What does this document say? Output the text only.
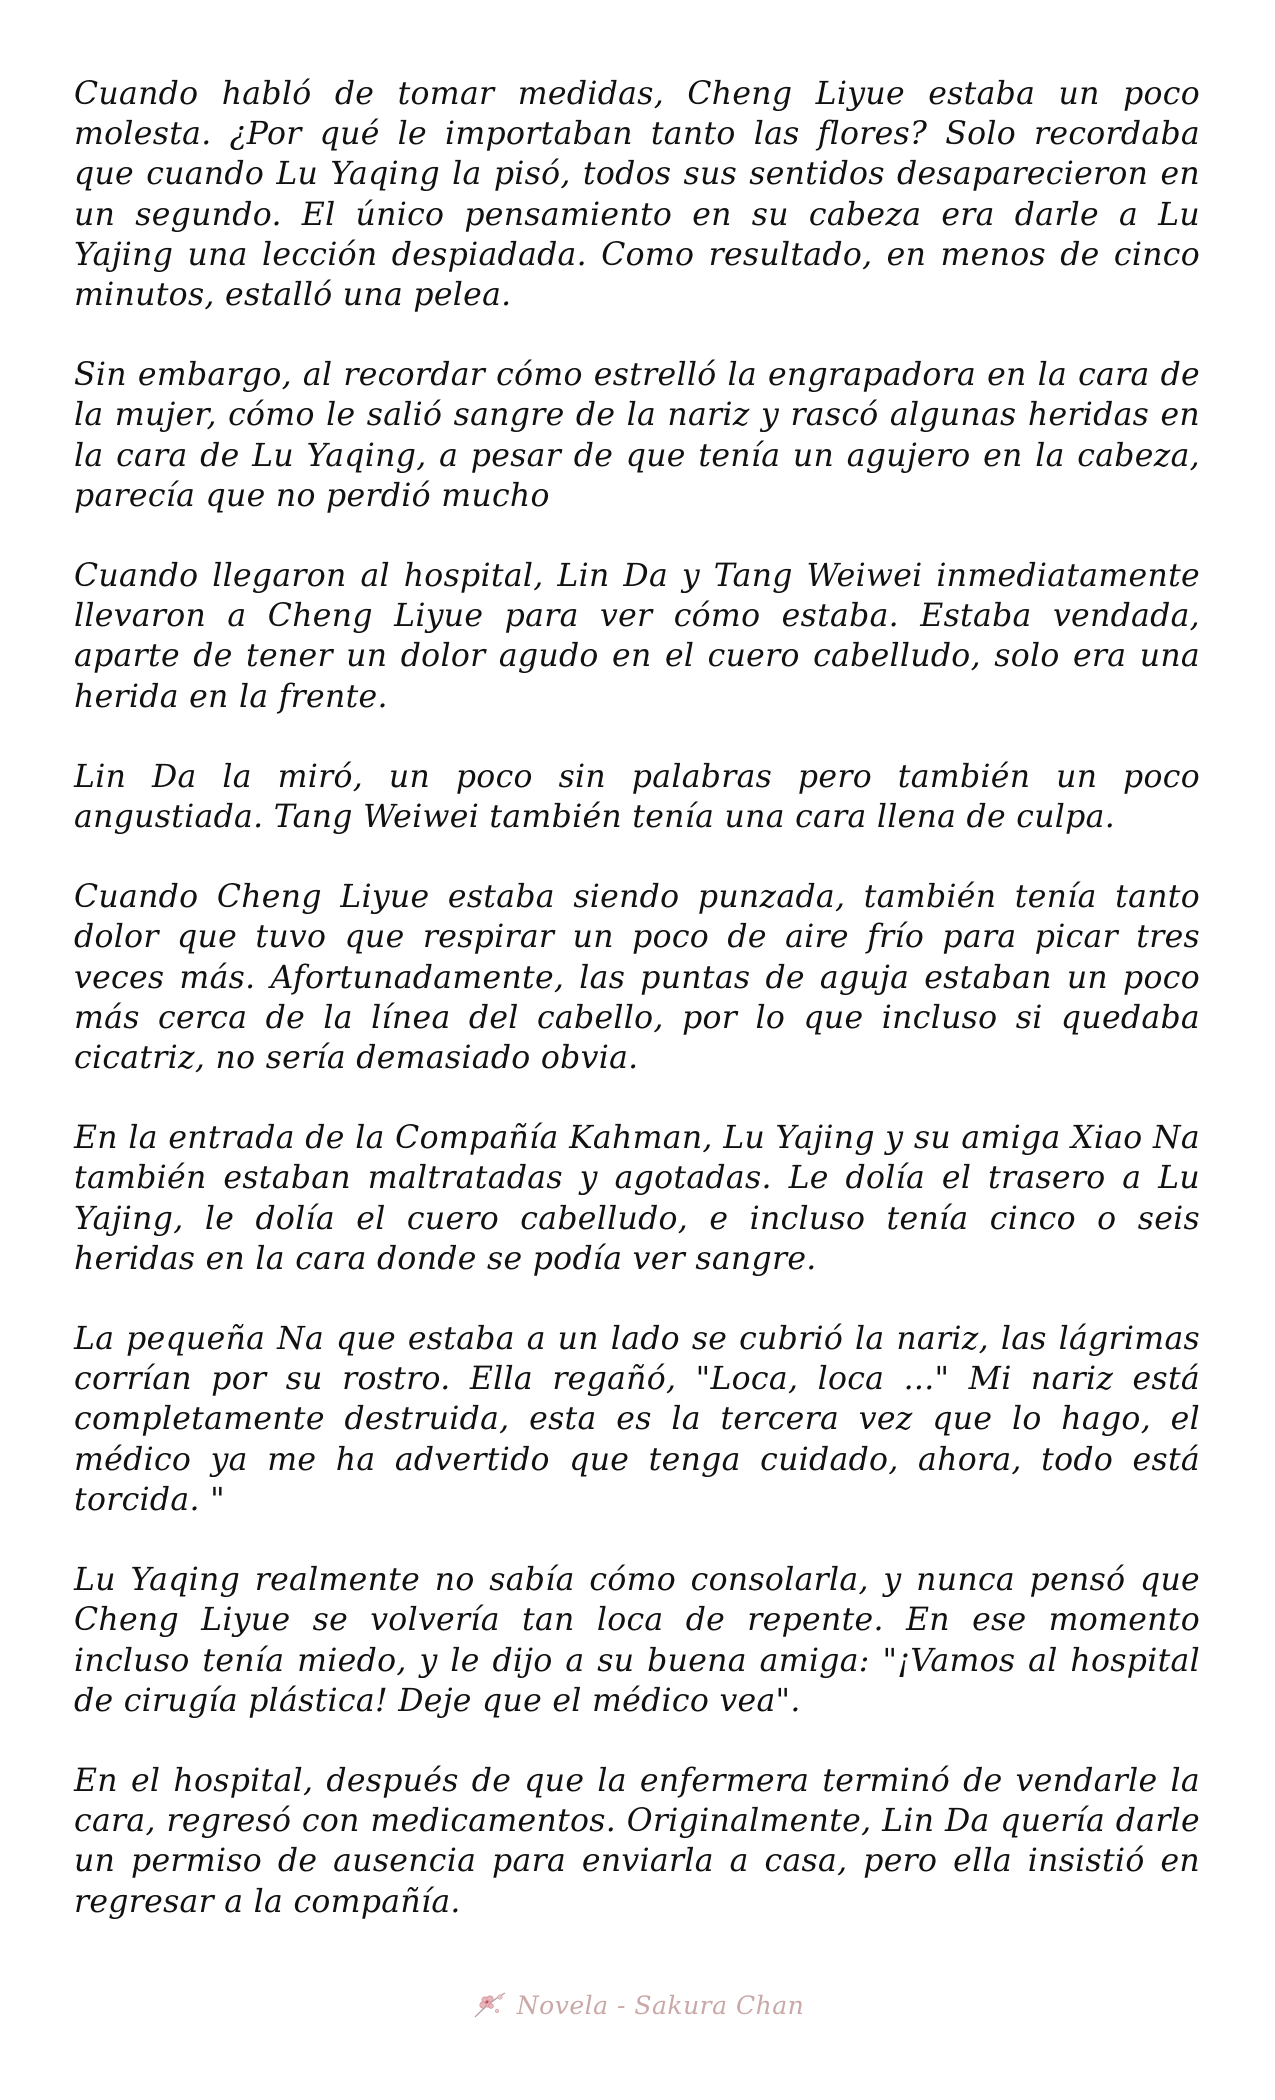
Cuando habló de tomar medidas, Cheng Liyue estaba un poco molesta. ¿Por qué le importaban tanto las flores? Solo recordaba que cuando Lu Yaqing la pisó, todos sus sentidos desaparecieron en un segundo. El único pensamiento en su cabeza era darle a Lu Yajing una lección despiadada. Como resultado, en menos de cinco minutos, estalló una pelea.

Sin embargo, al recordar cómo estrelló la engrapadora en la cara de la mujer, cómo le salió sangre de la nariz y rascó algunas heridas en la cara de Lu Yaqing, a pesar de que tenía un agujero en la cabeza, parecía que no perdió mucho

Cuando llegaron al hospital, Lin Da y Tang Weiwei inmediatamente llevaron a Cheng Liyue para ver cómo estaba. Estaba vendada, aparte de tener un dolor agudo en el cuero cabelludo, solo era una herida en la frente.

Lin Da la miró, un poco sin palabras pero también un poco angustiada. Tang Weiwei también tenía una cara llena de culpa.

Cuando Cheng Liyue estaba siendo punzada, también tenía tanto dolor que tuvo que respirar un poco de aire frío para picar tres veces más. Afortunadamente, las puntas de aguja estaban un poco más cerca de la línea del cabello, por lo que incluso si quedaba cicatriz, no sería demasiado obvia.

En la entrada de la Compañía Kahman, Lu Yajing y su amiga Xiao Na también estaban maltratadas y agotadas. Le dolía el trasero a Lu Yajing, le dolía el cuero cabelludo, e incluso tenía cinco o seis heridas en la cara donde se podía ver sangre.

La pequeña Na que estaba a un lado se cubrió la nariz, las lágrimas corrían por su rostro. Ella regañó, "Loca, loca ..." Mi nariz está completamente destruida, esta es la tercera vez que lo hago, el médico ya me ha advertido que tenga cuidado, ahora, todo está torcida. "

Lu Yaqing realmente no sabía cómo consolarla, y nunca pensó que Cheng Liyue se volvería tan loca de repente. En ese momento incluso tenía miedo, y le dijo a su buena amiga: "¡Vamos al hospital de cirugía plástica! Deje que el médico vea".

En el hospital, después de que la enfermera terminó de vendarle la cara, regresó con medicamentos. Originalmente, Lin Da quería darle un permiso de ausencia para enviarla a casa, pero ella insistió en regresar a la compañía.

Novela - Sakura Chan
